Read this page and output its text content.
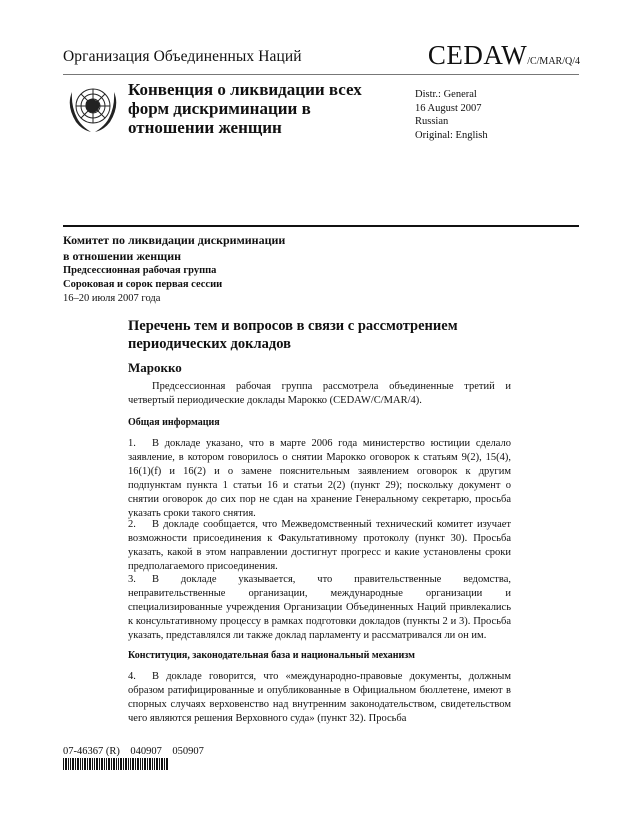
Организация Объединенных Наций	CEDAW/C/MAR/Q/4
Конвенция о ликвидации всех форм дискриминации в отношении женщин
Distr.: General
16 August 2007
Russian
Original: English
Комитет по ликвидации дискриминации
в отношении женщин
Предсессионная рабочая группа
Сороковая и сорок первая сессии
16–20 июля 2007 года
Перечень тем и вопросов в связи с рассмотрением периодических докладов
Марокко
Предсессионная рабочая группа рассмотрела объединенные третий и четвертый периодические доклады Марокко (CEDAW/C/MAR/4).
Общая информация
1. В докладе указано, что в марте 2006 года министерство юстиции сделало заявление, в котором говорилось о снятии Марокко оговорок к статьям 9(2), 15(4), 16(1)(f) и 16(2) и о замене пояснительным заявлением оговорок к другим подпунктам пункта 1 статьи 16 и статьи 2(2) (пункт 29); поскольку документ о снятии оговорок до сих пор не сдан на хранение Генеральному секретарю, просьба указать сроки такого снятия.
2. В докладе сообщается, что Межведомственный технический комитет изучает возможности присоединения к Факультативному протоколу (пункт 30). Просьба указать, какой в этом направлении достигнут прогресс и какие установлены сроки предполагаемого присоединения.
3. В докладе указывается, что правительственные ведомства, неправительственные организации, международные организации и специализированные учреждения Организации Объединенных Наций привлекались к консультативному процессу в рамках подготовки докладов (пункты 2 и 3). Просьба указать, представлялся ли также доклад парламенту и рассматривался ли он им.
Конституция, законодательная база и национальный механизм
4. В докладе говорится, что «международно-правовые документы, должным образом ратифицированные и опубликованные в Официальном бюллетене, имеют в спорных случаях верховенство над внутренним законодательством, свидетельством чего являются решения Верховного суда» (пункт 32). Просьба
07-46367 (R)    040907    050907
